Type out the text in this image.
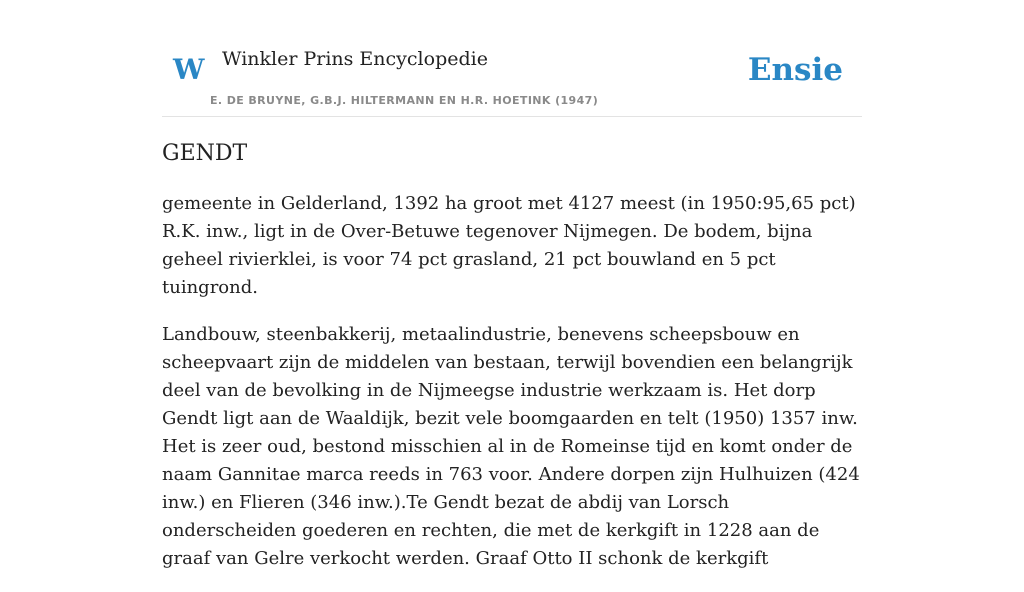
W Winkler Prins Encyclopedie
E. DE BRUYNE, G.B.J. HILTERMANN EN H.R. HOETINK (1947)
Ensie
GENDT

gemeente in Gelderland, 1392 ha groot met 4127 meest (in 1950:95,65 pct) R.K. inw., ligt in de Over-Betuwe tegenover Nijmegen. De bodem, bijna geheel rivierklei, is voor 74 pct grasland, 21 pct bouwland en 5 pct tuingrond.

Landbouw, steenbakkerij, metaalindustrie, benevens scheepsbouw en scheepvaart zijn de middelen van bestaan, terwijl bovendien een belangrijk deel van de bevolking in de Nijmeegse industrie werkzaam is. Het dorp Gendt ligt aan de Waaldijk, bezit vele boomgaarden en telt (1950) 1357 inw. Het is zeer oud, bestond misschien al in de Romeinse tijd en komt onder de naam Gannitae marca reeds in 763 voor. Andere dorpen zijn Hulhuizen (424 inw.) en Flieren (346 inw.).Te Gendt bezat de abdij van Lorsch onderscheiden goederen en rechten, die met de kerkgift in 1228 aan de graaf van Gelre verkocht werden. Graaf Otto II schonk de kerkgift
